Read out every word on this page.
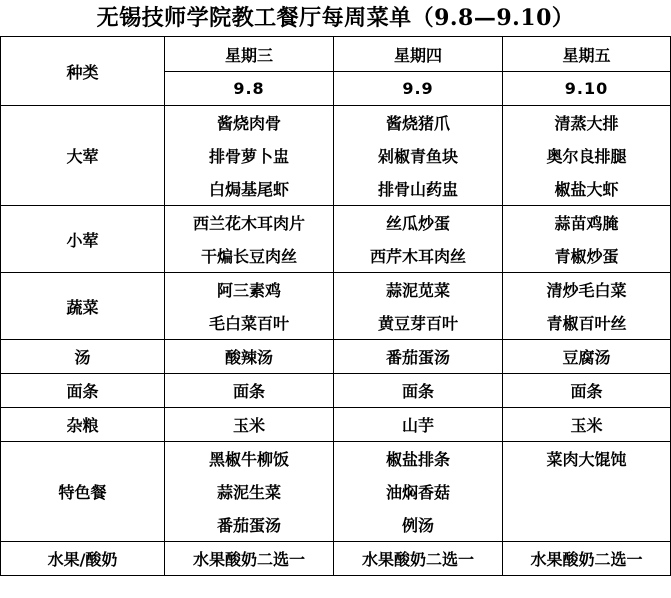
无锡技师学院教工餐厅每周菜单（9.8—9.10）
种类	星期三	星期四	星期五
	9.8	9.9	9.10
大荤	酱烧肉骨	酱烧猪爪	清蒸大排
	排骨萝卜盅	剁椒青鱼块	奥尔良排腿
	白焗基尾虾	排骨山药盅	椒盐大虾
小荤	西兰花木耳肉片	丝瓜炒蛋	蒜苗鸡腌
	干煸长豆肉丝	西芹木耳肉丝	青椒炒蛋
蔬菜	阿三素鸡	蒜泥苋菜	清炒毛白菜
	毛白菜百叶	黄豆芽百叶	青椒百叶丝
汤	酸辣汤	番茄蛋汤	豆腐汤
面条	面条	面条	面条
杂粮	玉米	山芋	玉米
特色餐	黑椒牛柳饭	椒盐排条	菜肉大馄饨
	蒜泥生菜	油焖香菇	
	番茄蛋汤	例汤	
水果/酸奶	水果酸奶二选一	水果酸奶二选一	水果酸奶二选一
